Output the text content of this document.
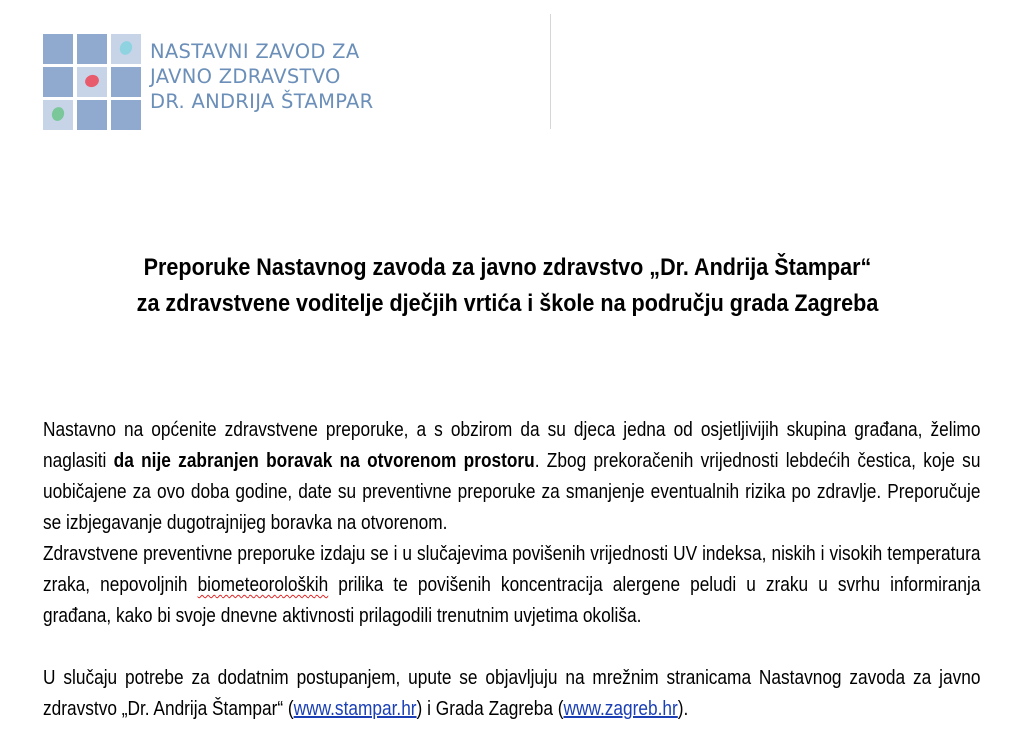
NASTAVNI ZAVOD ZA
JAVNO ZDRAVSTVO
DR. ANDRIJA ŠTAMPAR
Preporuke Nastavnog zavoda za javno zdravstvo „Dr. Andrija Štampar“
za zdravstvene voditelje dječjih vrtića i škole na području grada Zagreba

Nastavno na općenite zdravstvene preporuke, a s obzirom da su djeca jedna od osjetljivijih skupina građana, želimo naglasiti da nije zabranjen boravak na otvorenom prostoru. Zbog prekoračenih vrijednosti lebdećih čestica, koje su uobičajene za ovo doba godine, date su preventivne preporuke za smanjenje eventualnih rizika po zdravlje. Preporučuje se izbjegavanje dugotrajnijeg boravka na otvorenom.

Zdravstvene preventivne preporuke izdaju se i u slučajevima povišenih vrijednosti UV indeksa, niskih i visokih temperatura zraka, nepovoljnih biometeoroloških prilika te povišenih koncentracija alergene peludi u zraku u svrhu informiranja građana, kako bi svoje dnevne aktivnosti prilagodili trenutnim uvjetima okoliša.

U slučaju potrebe za dodatnim postupanjem, upute se objavljuju na mrežnim stranicama Nastavnog zavoda za javno zdravstvo „Dr. Andrija Štampar“ (www.stampar.hr) i Grada Zagreba (www.zagreb.hr).
